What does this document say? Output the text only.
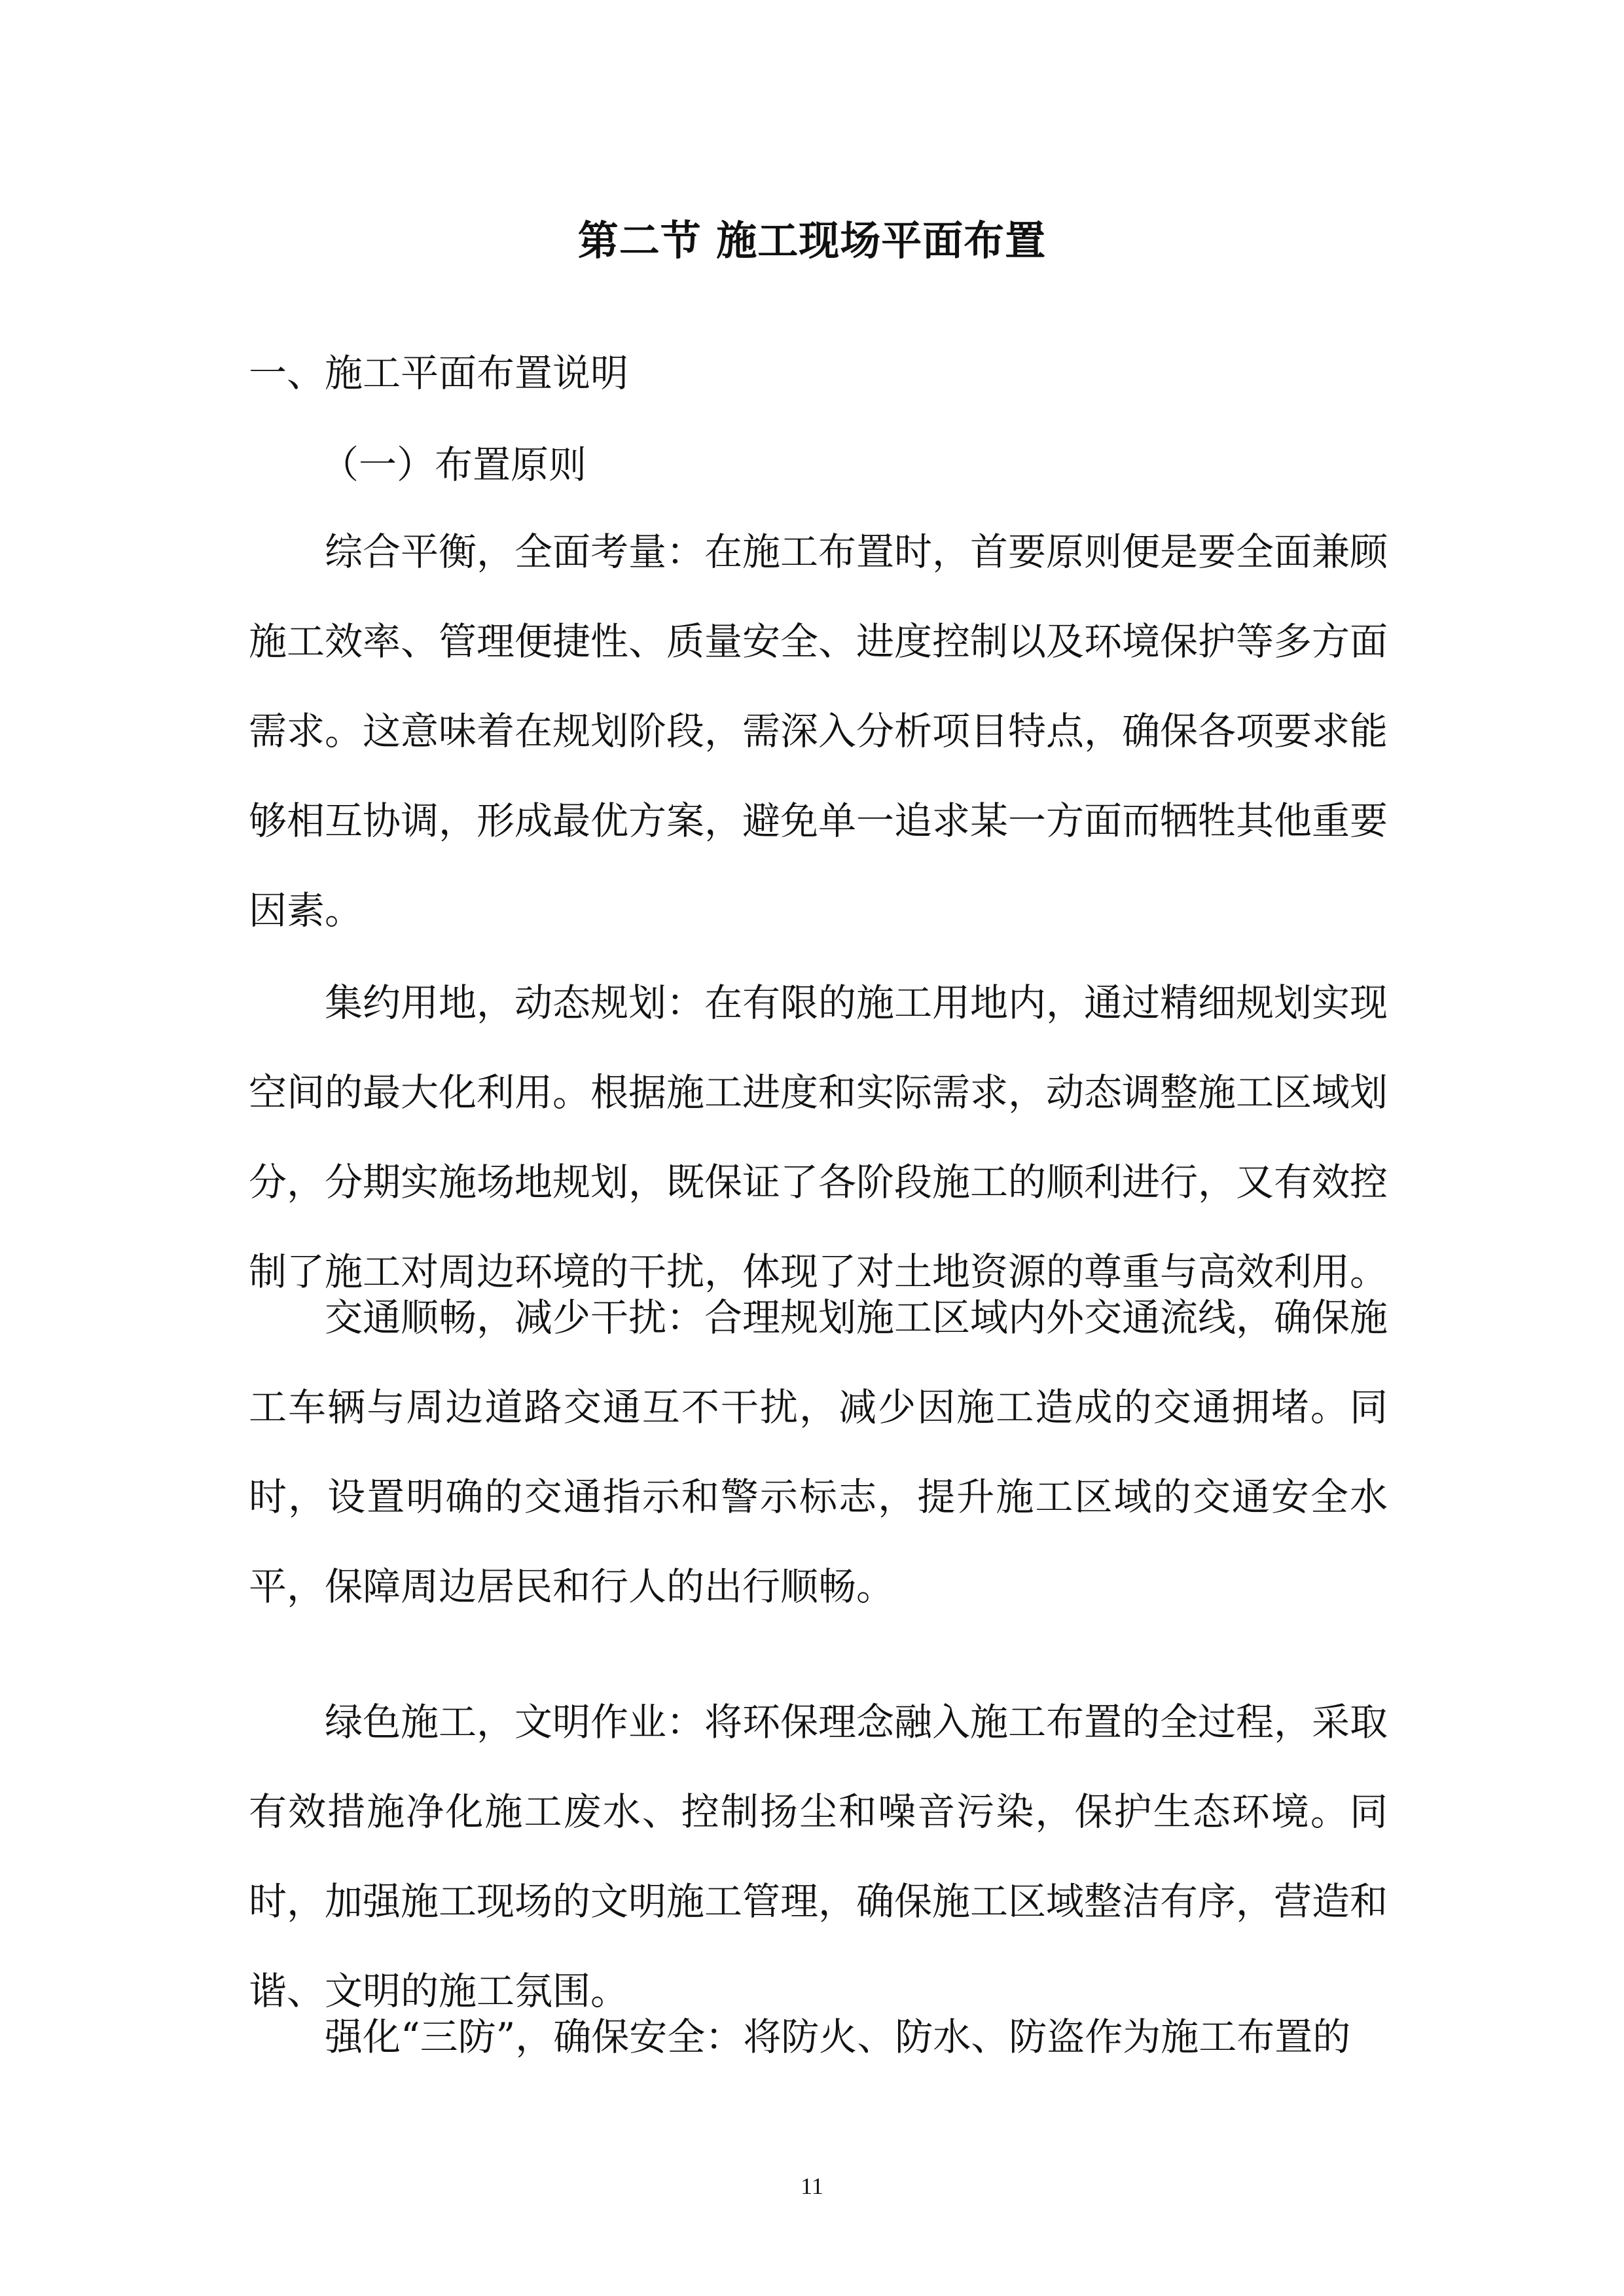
第二节 施工现场平面布置
一、施工平面布置说明
（一）布置原则

综合平衡，全面考量：在施工布置时，首要原则便是要全面兼顾施工效率、管理便捷性、质量安全、进度控制以及环境保护等多方面需求。这意味着在规划阶段，需深入分析项目特点，确保各项要求能够相互协调，形成最优方案，避免单一追求某一方面而牺牲其他重要因素。

集约用地，动态规划：在有限的施工用地内，通过精细规划实现空间的最大化利用。根据施工进度和实际需求，动态调整施工区域划分，分期实施场地规划，既保证了各阶段施工的顺利进行，又有效控制了施工对周边环境的干扰，体现了对土地资源的尊重与高效利用。

交通顺畅，减少干扰：合理规划施工区域内外交通流线，确保施工车辆与周边道路交通互不干扰，减少因施工造成的交通拥堵。同时，设置明确的交通指示和警示标志，提升施工区域的交通安全水平，保障周边居民和行人的出行顺畅。

绿色施工，文明作业：将环保理念融入施工布置的全过程，采取有效措施净化施工废水、控制扬尘和噪音污染，保护生态环境。同时，加强施工现场的文明施工管理，确保施工区域整洁有序，营造和谐、文明的施工氛围。

强化“三防”，确保安全：将防火、防水、防盗作为施工布置的

11
